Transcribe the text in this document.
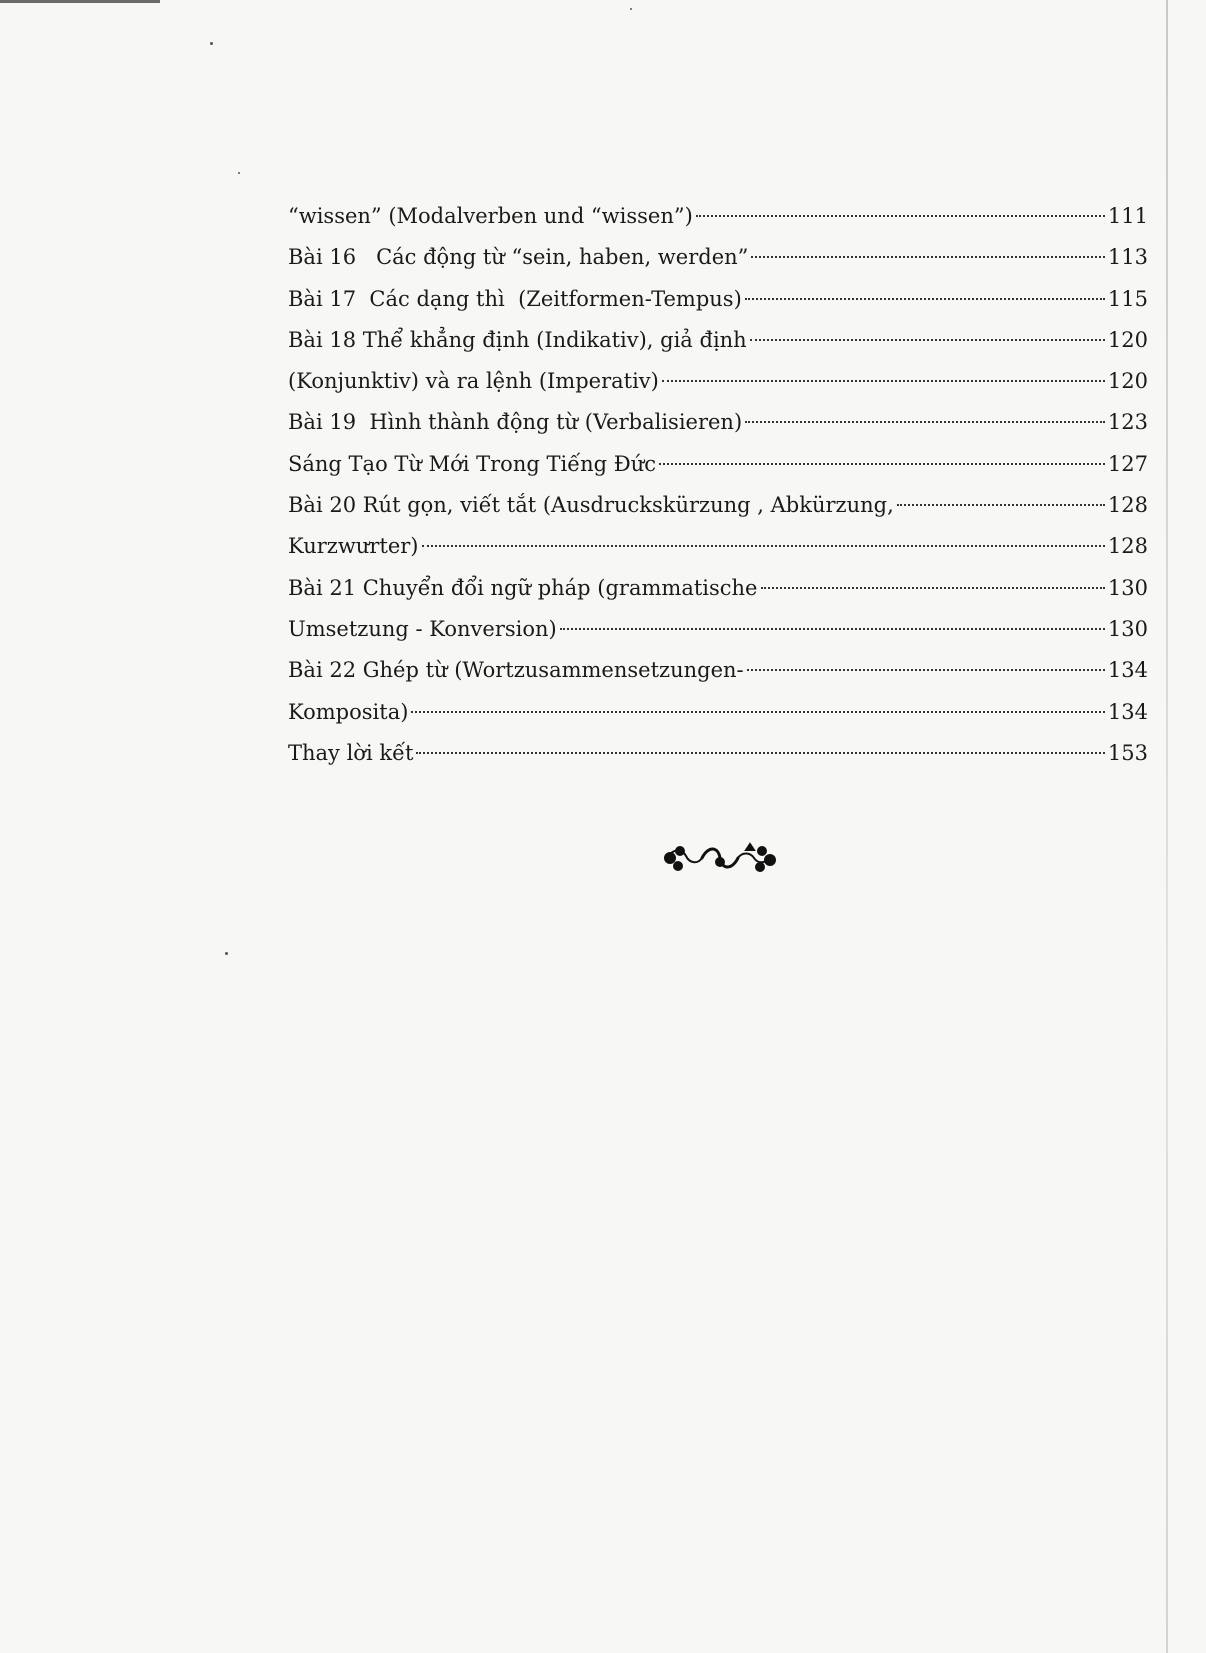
“wissen” (Modalverben und “wissen”)	111
Bài 16   Các động từ “sein, haben, werden”	113
Bài 17  Các dạng thì  (Zeitformen-Tempus)	115
Bài 18 Thể khẳng định (Indikativ), giả định	120
(Konjunktiv) và ra lệnh (Imperativ)	120
Bài 19  Hình thành động từ (Verbalisieren)	123
Sáng Tạo Từ Mới Trong Tiếng Đức	127
Bài 20 Rút gọn, viết tắt (Ausdruckskürzung , Abkürzung,	128
Kurzwưrter)	128
Bài 21 Chuyển đổi ngữ pháp (grammatische	130
Umsetzung - Konversion)	130
Bài 22 Ghép từ (Wortzusammensetzungen-	134
Komposita)	134
Thay lời kết	153
